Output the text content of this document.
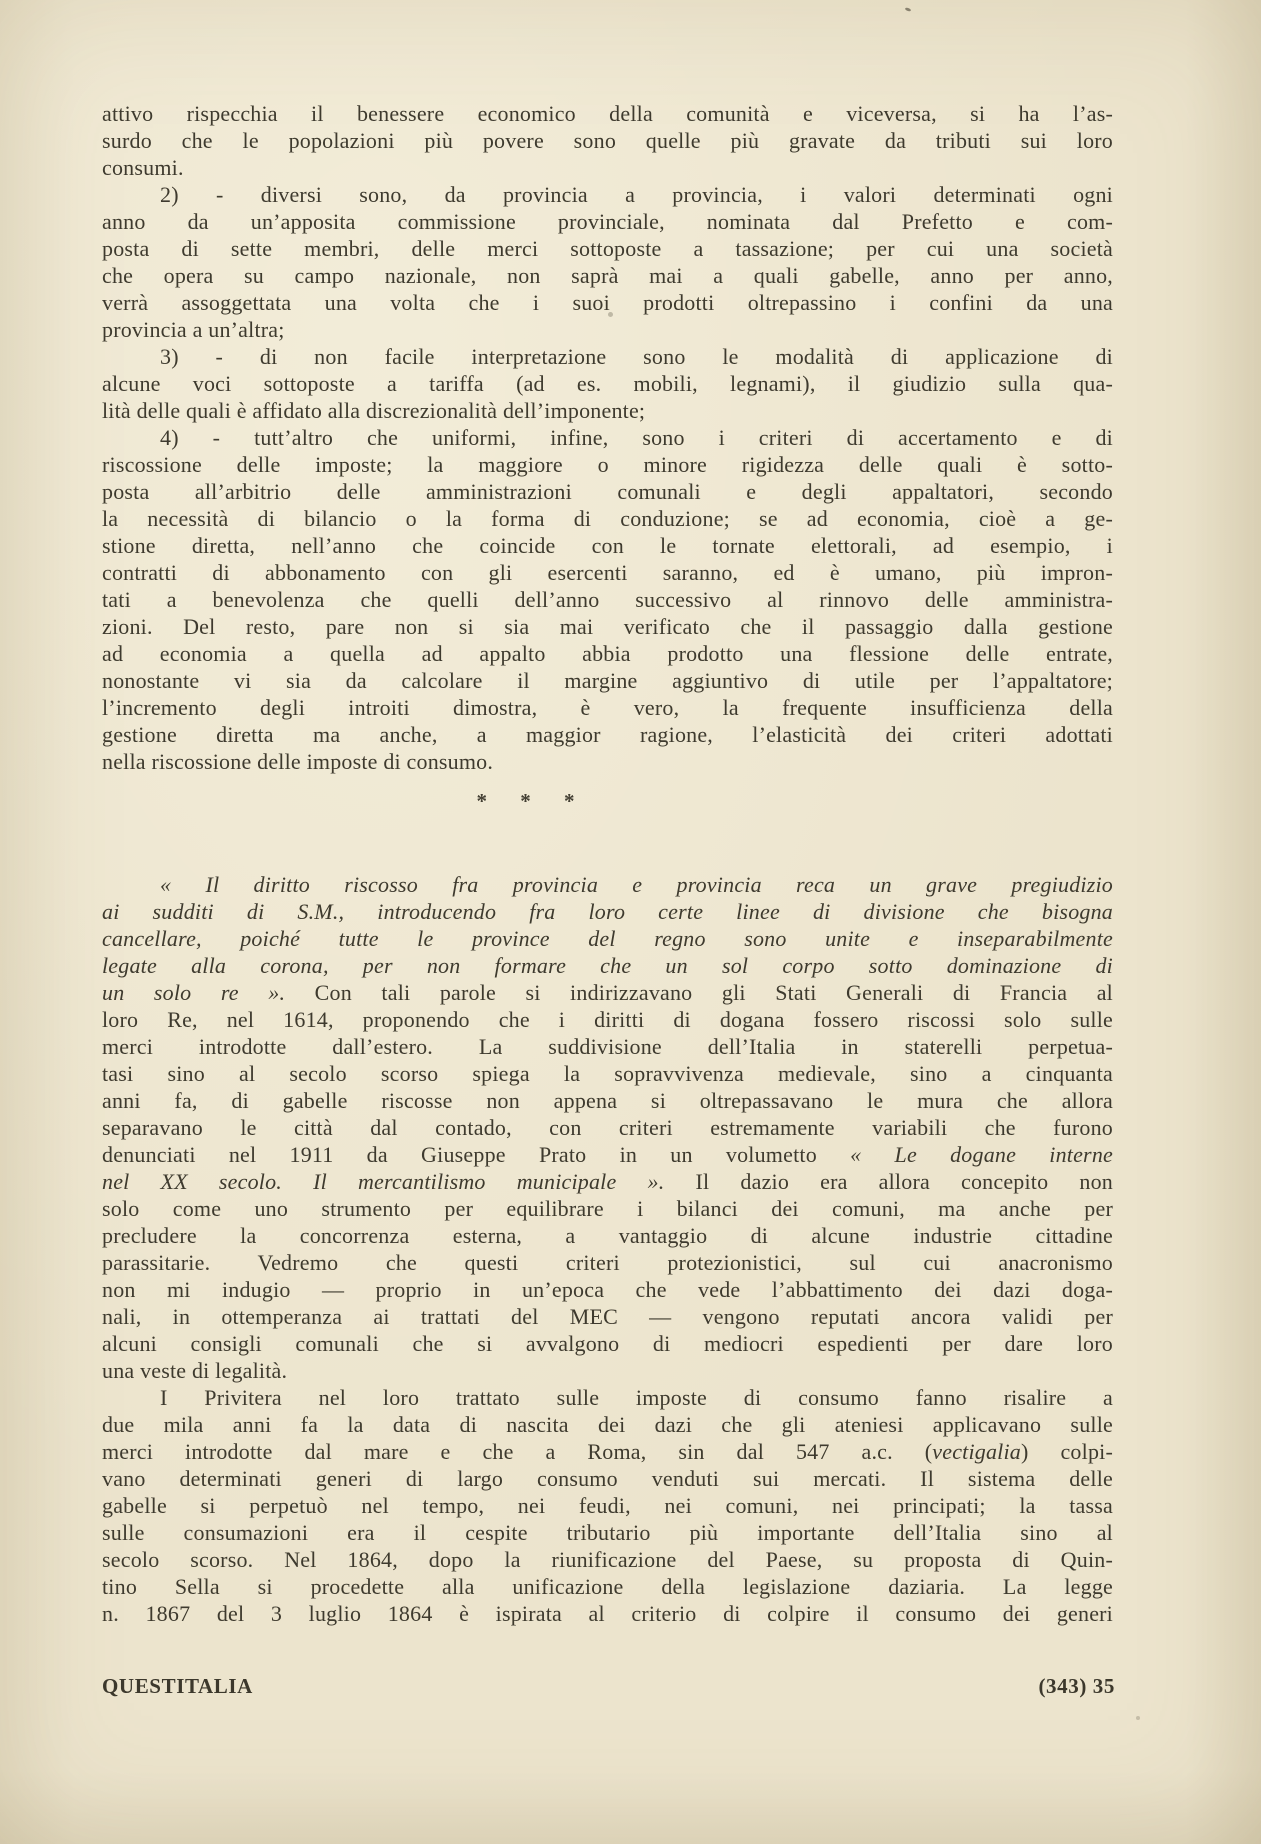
attivo rispecchia il benessere economico della comunità e viceversa, si ha l’as-
surdo che le popolazioni più povere sono quelle più gravate da tributi sui loro
consumi.
2) - diversi sono, da provincia a provincia, i valori determinati ogni
anno da un’apposita commissione provinciale, nominata dal Prefetto e com-
posta di sette membri, delle merci sottoposte a tassazione; per cui una società
che opera su campo nazionale, non saprà mai a quali gabelle, anno per anno,
verrà assoggettata una volta che i suoi prodotti oltrepassino i confini da una
provincia a un’altra;
3) - di non facile interpretazione sono le modalità di applicazione di
alcune voci sottoposte a tariffa (ad es. mobili, legnami), il giudizio sulla qua-
lità delle quali è affidato alla discrezionalità dell’imponente;
4) - tutt’altro che uniformi, infine, sono i criteri di accertamento e di
riscossione delle imposte; la maggiore o minore rigidezza delle quali è sotto-
posta all’arbitrio delle amministrazioni comunali e degli appaltatori, secondo
la necessità di bilancio o la forma di conduzione; se ad economia, cioè a ge-
stione diretta, nell’anno che coincide con le tornate elettorali, ad esempio, i
contratti di abbonamento con gli esercenti saranno, ed è umano, più impron-
tati a benevolenza che quelli dell’anno successivo al rinnovo delle amministra-
zioni. Del resto, pare non si sia mai verificato che il passaggio dalla gestione
ad economia a quella ad appalto abbia prodotto una flessione delle entrate,
nonostante vi sia da calcolare il margine aggiuntivo di utile per l’appaltatore;
l’incremento degli introiti dimostra, è vero, la frequente insufficienza della
gestione diretta ma anche, a maggior ragione, l’elasticità dei criteri adottati
nella riscossione delle imposte di consumo.
* * *
« Il diritto riscosso fra provincia e provincia reca un grave pregiudizio
ai sudditi di S.M., introducendo fra loro certe linee di divisione che bisogna
cancellare, poiché tutte le province del regno sono unite e inseparabilmente
legate alla corona, per non formare che un sol corpo sotto dominazione di
un solo re ». Con tali parole si indirizzavano gli Stati Generali di Francia al
loro Re, nel 1614, proponendo che i diritti di dogana fossero riscossi solo sulle
merci introdotte dall’estero. La suddivisione dell’Italia in staterelli perpetua-
tasi sino al secolo scorso spiega la sopravvivenza medievale, sino a cinquanta
anni fa, di gabelle riscosse non appena si oltrepassavano le mura che allora
separavano le città dal contado, con criteri estremamente variabili che furono
denunciati nel 1911 da Giuseppe Prato in un volumetto « Le dogane interne
nel XX secolo. Il mercantilismo municipale ». Il dazio era allora concepito non
solo come uno strumento per equilibrare i bilanci dei comuni, ma anche per
precludere la concorrenza esterna, a vantaggio di alcune industrie cittadine
parassitarie. Vedremo che questi criteri protezionistici, sul cui anacronismo
non mi indugio — proprio in un’epoca che vede l’abbattimento dei dazi doga-
nali, in ottemperanza ai trattati del MEC — vengono reputati ancora validi per
alcuni consigli comunali che si avvalgono di mediocri espedienti per dare loro
una veste di legalità.
I Privitera nel loro trattato sulle imposte di consumo fanno risalire a
due mila anni fa la data di nascita dei dazi che gli ateniesi applicavano sulle
merci introdotte dal mare e che a Roma, sin dal 547 a.c. (vectigalia) colpi-
vano determinati generi di largo consumo venduti sui mercati. Il sistema delle
gabelle si perpetuò nel tempo, nei feudi, nei comuni, nei principati; la tassa
sulle consumazioni era il cespite tributario più importante dell’Italia sino al
secolo scorso. Nel 1864, dopo la riunificazione del Paese, su proposta di Quin-
tino Sella si procedette alla unificazione della legislazione daziaria. La legge
n. 1867 del 3 luglio 1864 è ispirata al criterio di colpire il consumo dei generi
QUESTITALIA	(343) 35
